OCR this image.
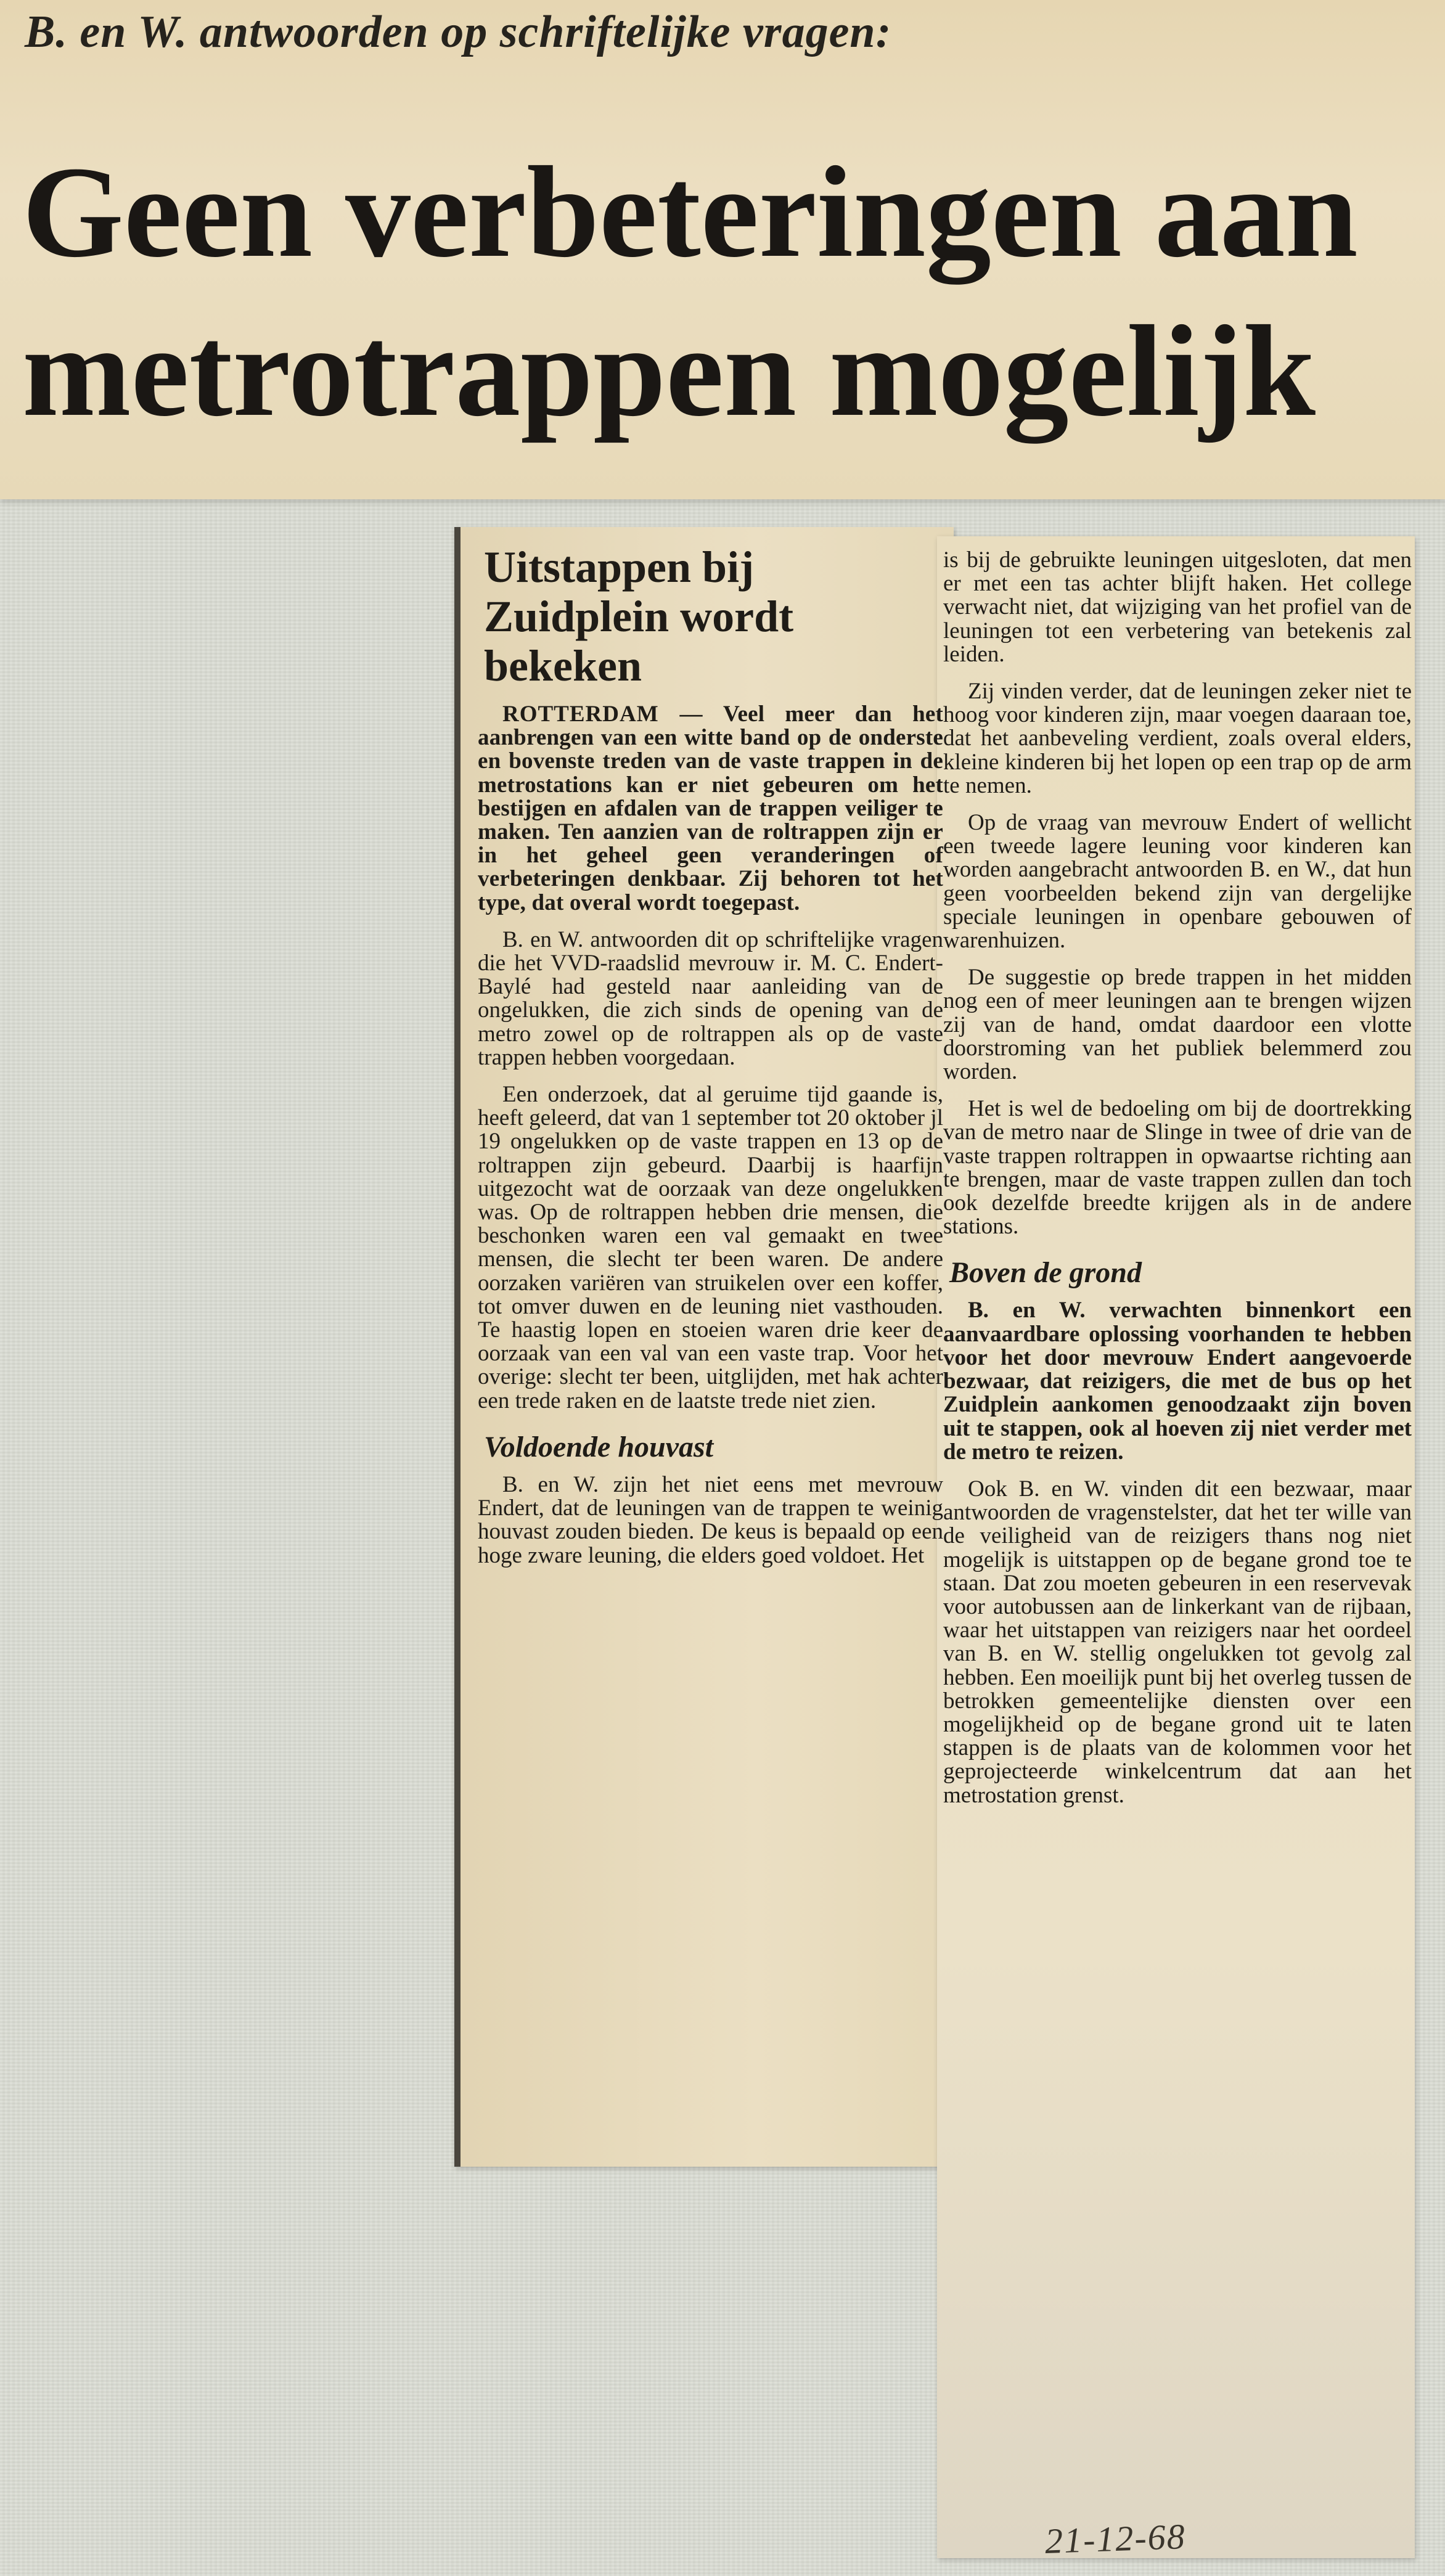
B. en W. antwoorden op schriftelijke vragen:
Geen verbeteringen aan metrotrappen mogelijk
Uitstappen bij Zuidplein wordt bekeken

ROTTERDAM — Veel meer dan het aanbrengen van een witte band op de onderste en bovenste treden van de vaste trappen in de metrostations kan er niet gebeuren om het bestijgen en afdalen van de trappen veiliger te maken. Ten aanzien van de roltrappen zijn er in het geheel geen veranderingen of verbeteringen denkbaar. Zij behoren tot het type, dat overal wordt toegepast.

B. en W. antwoorden dit op schriftelijke vragen die het VVD-raadslid mevrouw ir. M. C. Endert-Baylé had gesteld naar aanleiding van de ongelukken, die zich sinds de opening van de metro zowel op de roltrappen als op de vaste trappen hebben voorgedaan.

Een onderzoek, dat al geruime tijd gaande is, heeft geleerd, dat van 1 september tot 20 oktober jl 19 ongelukken op de vaste trappen en 13 op de roltrappen zijn gebeurd. Daarbij is haarfijn uitgezocht wat de oorzaak van deze ongelukken was. Op de roltrappen hebben drie mensen, die beschonken waren een val gemaakt en twee mensen, die slecht ter been waren. De andere oorzaken variëren van struikelen over een koffer, tot omver duwen en de leuning niet vasthouden. Te haastig lopen en stoeien waren drie keer de oorzaak van een val van een vaste trap. Voor het overige: slecht ter been, uitglijden, met hak achter een trede raken en de laatste trede niet zien.

Voldoende houvast

B. en W. zijn het niet eens met mevrouw Endert, dat de leuningen van de trappen te weinig houvast zouden bieden. De keus is bepaald op een hoge zware leuning, die elders goed voldoet. Het

is bij de gebruikte leuningen uitgesloten, dat men er met een tas achter blijft haken. Het college verwacht niet, dat wijziging van het profiel van de leuningen tot een verbetering van betekenis zal leiden.

Zij vinden verder, dat de leuningen zeker niet te hoog voor kinderen zijn, maar voegen daaraan toe, dat het aanbeveling verdient, zoals overal elders, kleine kinderen bij het lopen op een trap op de arm te nemen.

Op de vraag van mevrouw Endert of wellicht een tweede lagere leuning voor kinderen kan worden aangebracht antwoorden B. en W., dat hun geen voorbeelden bekend zijn van dergelijke speciale leuningen in openbare gebouwen of warenhuizen.

De suggestie op brede trappen in het midden nog een of meer leuningen aan te brengen wijzen zij van de hand, omdat daardoor een vlotte doorstroming van het publiek belemmerd zou worden.

Het is wel de bedoeling om bij de doortrekking van de metro naar de Slinge in twee of drie van de vaste trappen roltrappen in opwaartse richting aan te brengen, maar de vaste trappen zullen dan toch ook dezelfde breedte krijgen als in de andere stations.

Boven de grond

B. en W. verwachten binnenkort een aanvaardbare oplossing voorhanden te hebben voor het door mevrouw Endert aangevoerde bezwaar, dat reizigers, die met de bus op het Zuidplein aankomen genoodzaakt zijn boven uit te stappen, ook al hoeven zij niet verder met de metro te reizen.

Ook B. en W. vinden dit een bezwaar, maar antwoorden de vragenstelster, dat het ter wille van de veiligheid van de reizigers thans nog niet mogelijk is uitstappen op de begane grond toe te staan. Dat zou moeten gebeuren in een reservevak voor autobussen aan de linkerkant van de rijbaan, waar het uitstappen van reizigers naar het oordeel van B. en W. stellig ongelukken tot gevolg zal hebben. Een moeilijk punt bij het overleg tussen de betrokken gemeentelijke diensten over een mogelijkheid op de begane grond uit te laten stappen is de plaats van de kolommen voor het geprojecteerde winkelcentrum dat aan het metrostation grenst.

21-12-68
